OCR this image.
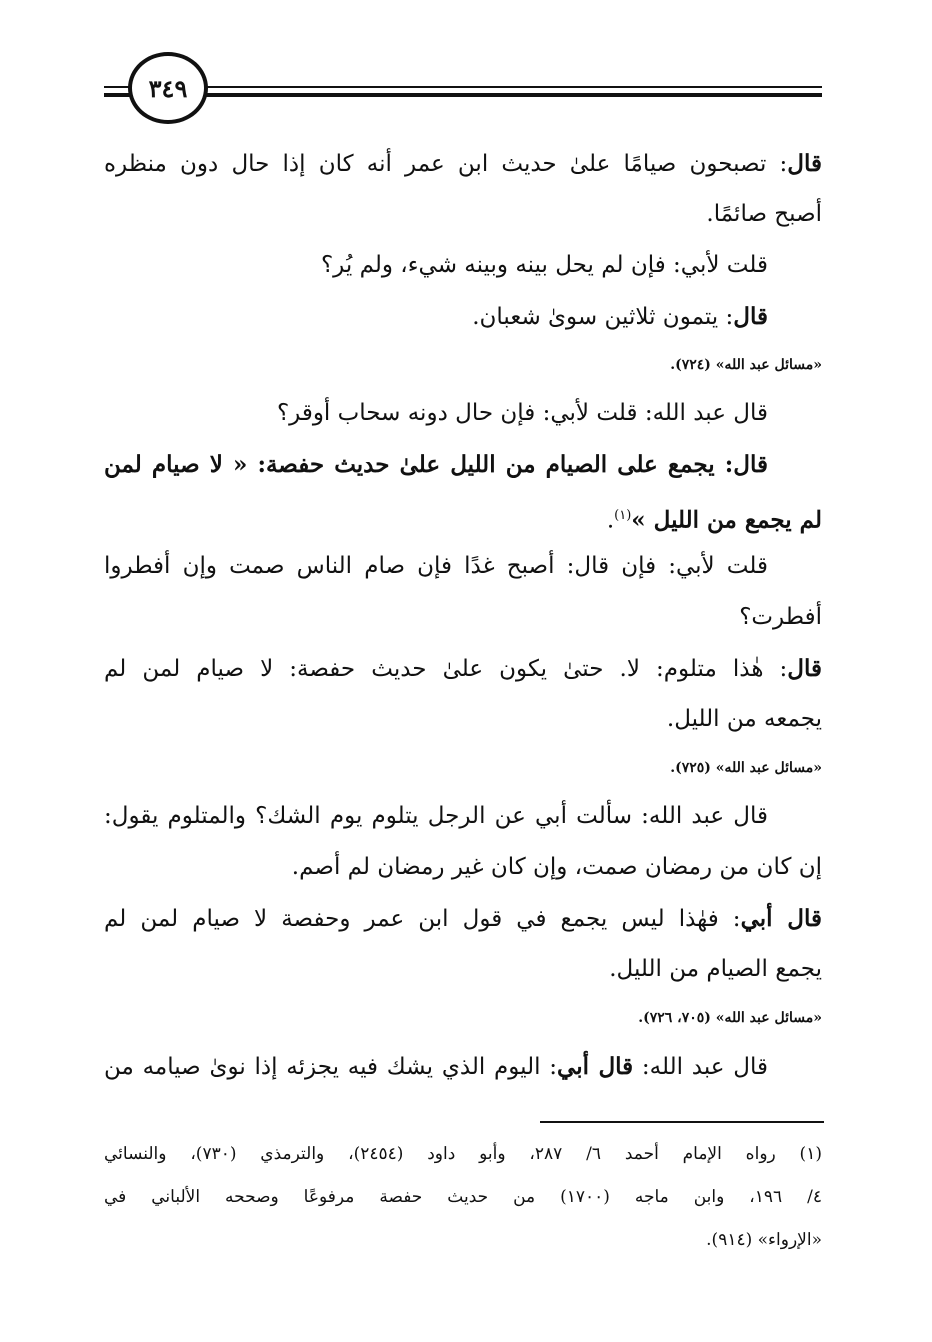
٣٤٩
قال: تصبحون صيامًا علىٰ حديث ابن عمر أنه كان إذا حال دون منظره
أصبح صائمًا.
قلت لأبي: فإن لم يحل بينه وبينه شيء، ولم يُر؟
قال: يتمون ثلاثين سوىٰ شعبان.
«مسائل عبد الله» (٧٢٤).
قال عبد الله: قلت لأبي: فإن حال دونه سحاب أوقر؟
قال: يجمع على الصيام من الليل علىٰ حديث حفصة: « لا صيام لمن
لم يجمع من الليل »$^{(١)}$.
قلت لأبي: فإن قال: أصبح غدًا فإن صام الناس صمت وإن أفطروا
أفطرت؟
قال: هٰذا متلوم: لا. حتىٰ يكون علىٰ حديث حفصة: لا صيام لمن لم
يجمعه من الليل.
«مسائل عبد الله» (٧٢٥).
قال عبد الله: سألت أبي عن الرجل يتلوم يوم الشك؟ والمتلوم يقول:
إن كان من رمضان صمت، وإن كان غير رمضان لم أصم.
قال أبي: فهٰذا ليس يجمع في قول ابن عمر وحفصة لا صيام لمن لم
يجمع الصيام من الليل.
«مسائل عبد الله» (٧٠٥، ٧٢٦).
قال عبد الله: قال أبي: اليوم الذي يشك فيه يجزئه إذا نوىٰ صيامه من
(١) رواه الإمام أحمد ٦/ ٢٨٧، وأبو داود (٢٤٥٤)، والترمذي (٧٣٠)، والنسائي
٤/ ١٩٦، وابن ماجه (١٧٠٠) من حديث حفصة مرفوعًا وصححه الألباني في
«الإرواء» (٩١٤).
